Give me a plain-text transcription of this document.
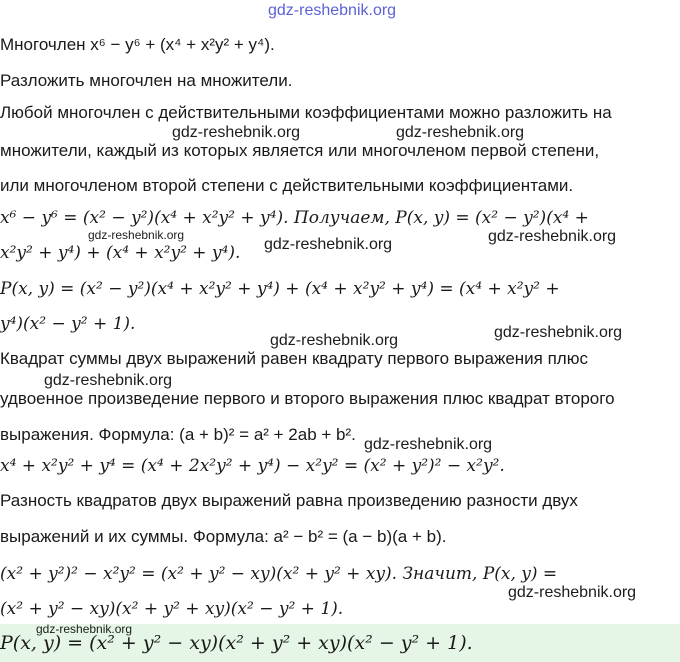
gdz-reshebnik.org
Многочлен x⁶ − y⁶ + (x⁴ + x²y² + y⁴).
Разложить многочлен на множители.
Любой многочлен с действительными коэффициентами можно разложить на
gdz-reshebnik.org	gdz-reshebnik.org
множители, каждый из которых является или многочленом первой степени,
или многочленом второй степени с действительными коэффициентами.
x⁶ − y⁶ = (x² − y²)(x⁴ + x²y² + y⁴). Получаем, P(x, y) = (x² − y²)(x⁴ +
gdz-reshebnik.org
gdz-reshebnik.org	gdz-reshebnik.org
x²y² + y⁴) + (x⁴ + x²y² + y⁴).
P(x, y) = (x² − y²)(x⁴ + x²y² + y⁴) + (x⁴ + x²y² + y⁴) = (x⁴ + x²y² +
y⁴)(x² − y² + 1).
gdz-reshebnik.org	gdz-reshebnik.org
Квадрат суммы двух выражений равен квадрату первого выражения плюс
gdz-reshebnik.org
удвоенное произведение первого и второго выражения плюс квадрат второго
выражения. Формула: (a + b)² = a² + 2ab + b².
gdz-reshebnik.org
x⁴ + x²y² + y⁴ = (x⁴ + 2x²y² + y⁴) − x²y² = (x² + y²)² − x²y².
Разность квадратов двух выражений равна произведению разности двух
выражений и их суммы. Формула: a² − b² = (a − b)(a + b).
(x² + y²)² − x²y² = (x² + y² − xy)(x² + y² + xy). Значит, P(x, y) =
gdz-reshebnik.org
(x² + y² − xy)(x² + y² + xy)(x² − y² + 1).
gdz-reshebnik.org
P(x, y) = (x² + y² − xy)(x² + y² + xy)(x² − y² + 1).
